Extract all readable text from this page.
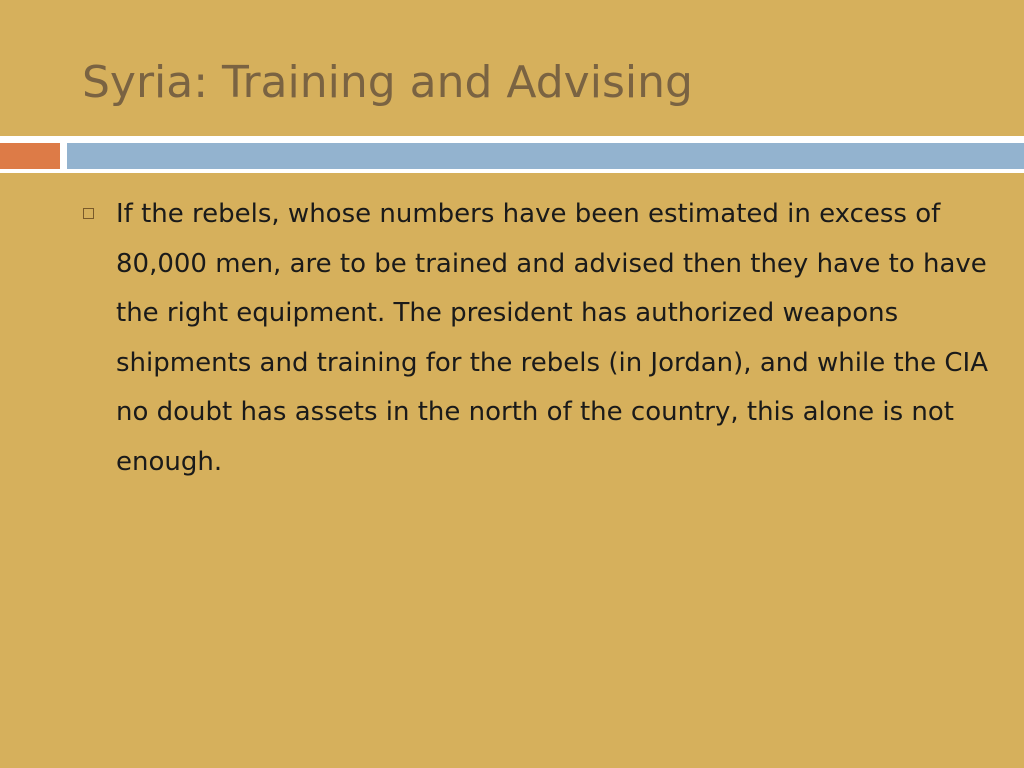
Syria: Training and Advising

If the rebels, whose numbers have been estimated in excess of 80,000 men, are to be trained and advised then they have to have the right equipment. The president has authorized weapons shipments and training for the rebels (in Jordan), and while the CIA no doubt has assets in the north of the country, this alone is not enough.
